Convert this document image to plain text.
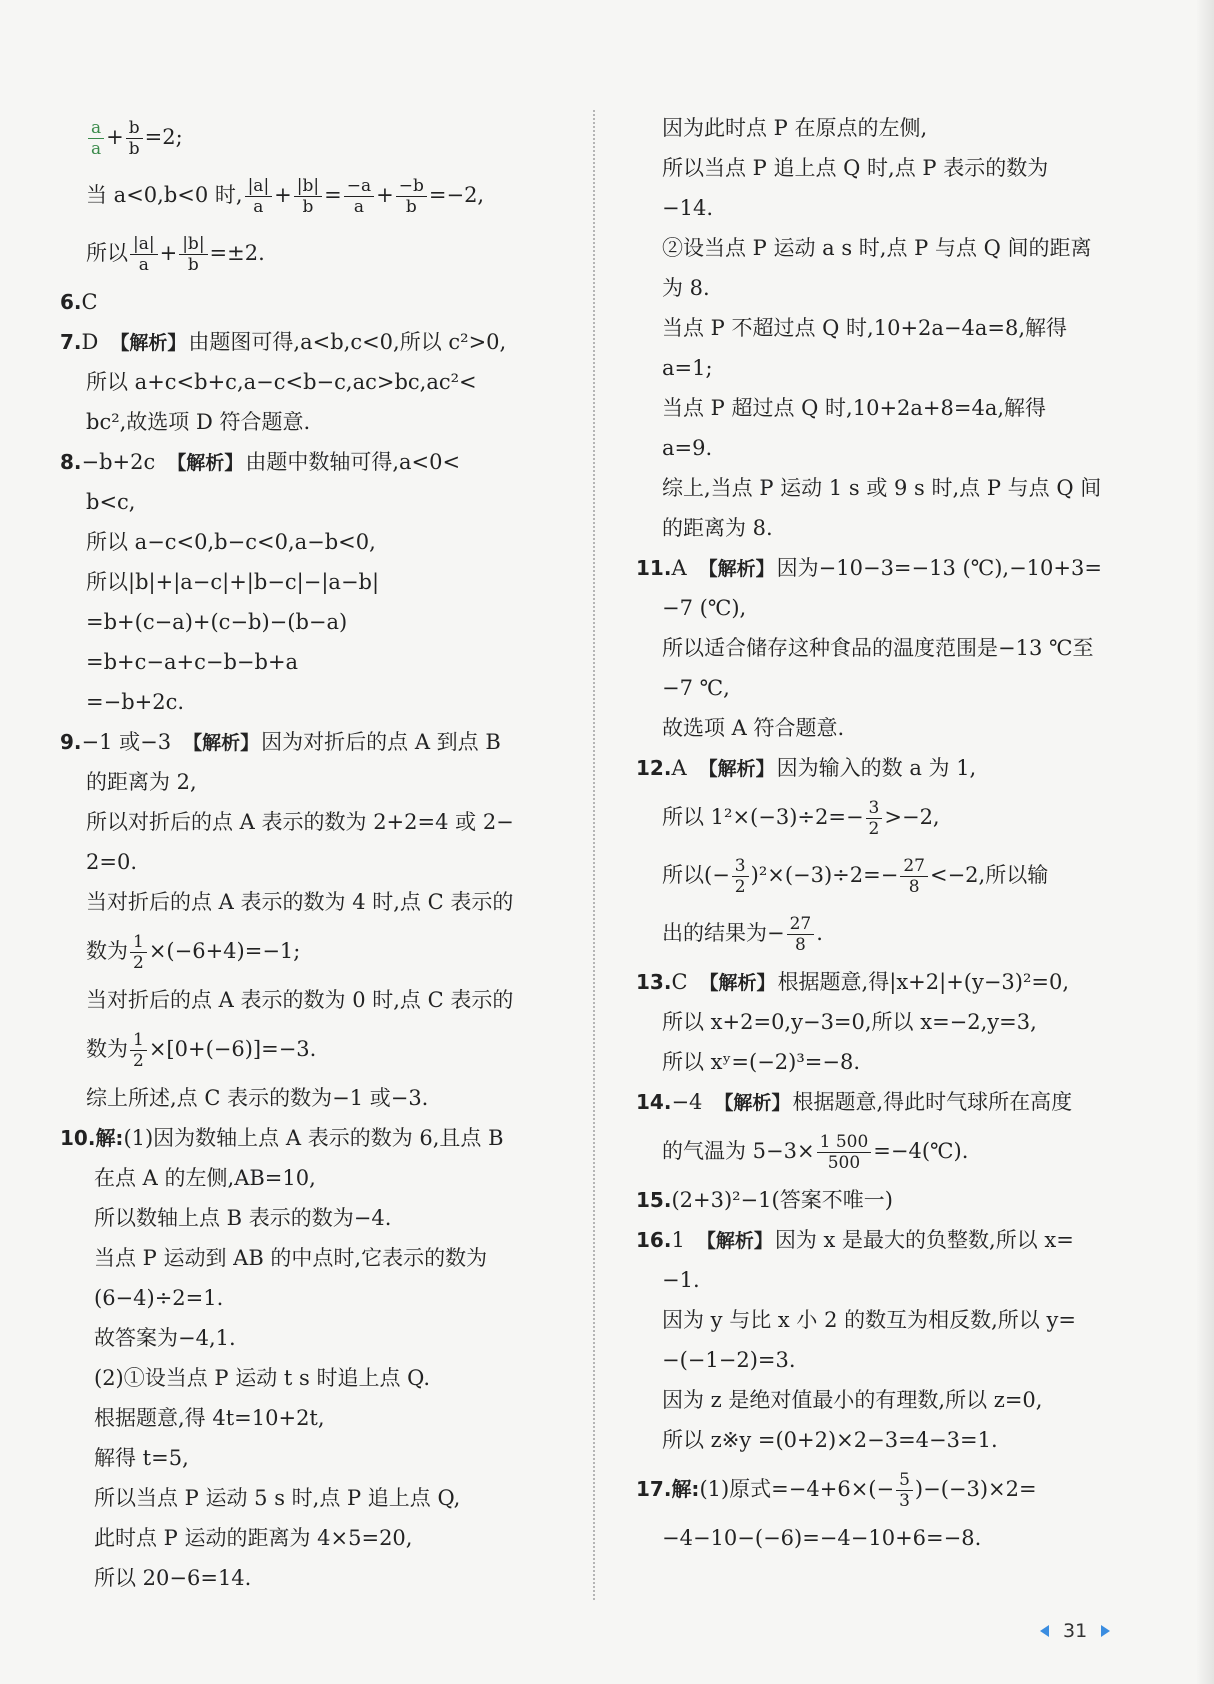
$\frac{a}{a} + \frac{b}{b} =2$;
当 a<0,b<0 时, $\frac{|a|}{a} + \frac{|b|}{b} = \frac{-a}{a} + \frac{-b}{b} =-2$,
所以 $\frac{|a|}{a} + \frac{|b|}{b} =\pm 2$.
6.C
7.D 【 解析 】 由题图可得,a<b,c<0,所以 c²>0,
所以 a+c<b+c,a−c<b−c,ac>bc,ac²<
bc²,故选项 D 符合题意.
8.−b+2c 【 解析 】 由题中数轴可得,a<0<
b<c,
所以 a−c<0,b−c<0,a−b<0,
所以|b|+|a−c|+|b−c|−|a−b|
=b+(c−a)+(c−b)−(b−a)
=b+c−a+c−b−b+a
=−b+2c.
9.−1 或−3 【 解析 】 因为对折后的点 A 到点 B
的距离为 2,
所以对折后的点 A 表示的数为 2+2=4 或 2−
2=0.
当对折后的点 A 表示的数为 4 时,点 C 表示的
数为 $\frac{1}{2} \times(-6+4)=-1$;
当对折后的点 A 表示的数为 0 时,点 C 表示的
数为 $\frac{1}{2} \times[0+(-6)]=-3$.
综上所述,点 C 表示的数为−1 或−3.
10.解:(1)因为数轴上点 A 表示的数为 6,且点 B
在点 A 的左侧,AB=10,
所以数轴上点 B 表示的数为−4.
当点 P 运动到 AB 的中点时,它表示的数为
(6−4)÷2=1.
故答案为−4,1.
(2)①设当点 P 运动 t s 时追上点 Q.
根据题意,得 4t=10+2t,
解得 t=5,
所以当点 P 运动 5 s 时,点 P 追上点 Q,
此时点 P 运动的距离为 4×5=20,
所以 20−6=14.
因为此时点 P 在原点的左侧,
所以当点 P 追上点 Q 时,点 P 表示的数为
−14.
②设当点 P 运动 a s 时,点 P 与点 Q 间的距离
为 8.
当点 P 不超过点 Q 时,10+2a−4a=8,解得
a=1;
当点 P 超过点 Q 时,10+2a+8=4a,解得
a=9.
综上,当点 P 运动 1 s 或 9 s 时,点 P 与点 Q 间
的距离为 8.
11.A 【 解析 】 因为−10−3=−13 (℃),−10+3=
−7 (℃),
所以适合储存这种食品的温度范围是−13 ℃至
−7 ℃,
故选项 A 符合题意.
12.A 【 解析 】 因为输入的数 a 为 1,
所以 $1^2\times(-3)\div 2=- \frac{3}{2} >-2$,
所以(− $\frac{3}{2} )^2\times(-3)\div 2=- \frac{27}{8} <-2$,所以输
出的结果为− $\frac{27}{8}$ .
13.C 【 解析 】 根据题意,得|x+2|+(y−3)²=0,
所以 x+2=0,y−3=0,所以 x=−2,y=3,
所以 xʸ=(−2)³=−8.
14.−4 【 解析 】 根据题意,得此时气球所在高度
的气温为 $5-3\times \frac{1 500}{500}$ =−4(℃).
15.(2+3)²−1(答案不唯一)
16.1 【 解析 】 因为 x 是最大的负整数,所以 x=
−1.
因为 y 与比 x 小 2 的数互为相反数,所以 y=
−(−1−2)=3.
因为 z 是绝对值最小的有理数,所以 z=0,
所以 z※y =(0+2)×2−3=4−3=1.
17.解:(1)原式$=-4+6\times(- \frac{5}{3} )-(-3)\times 2=$
−4−10−(−6)=−4−10+6=−8.
31
